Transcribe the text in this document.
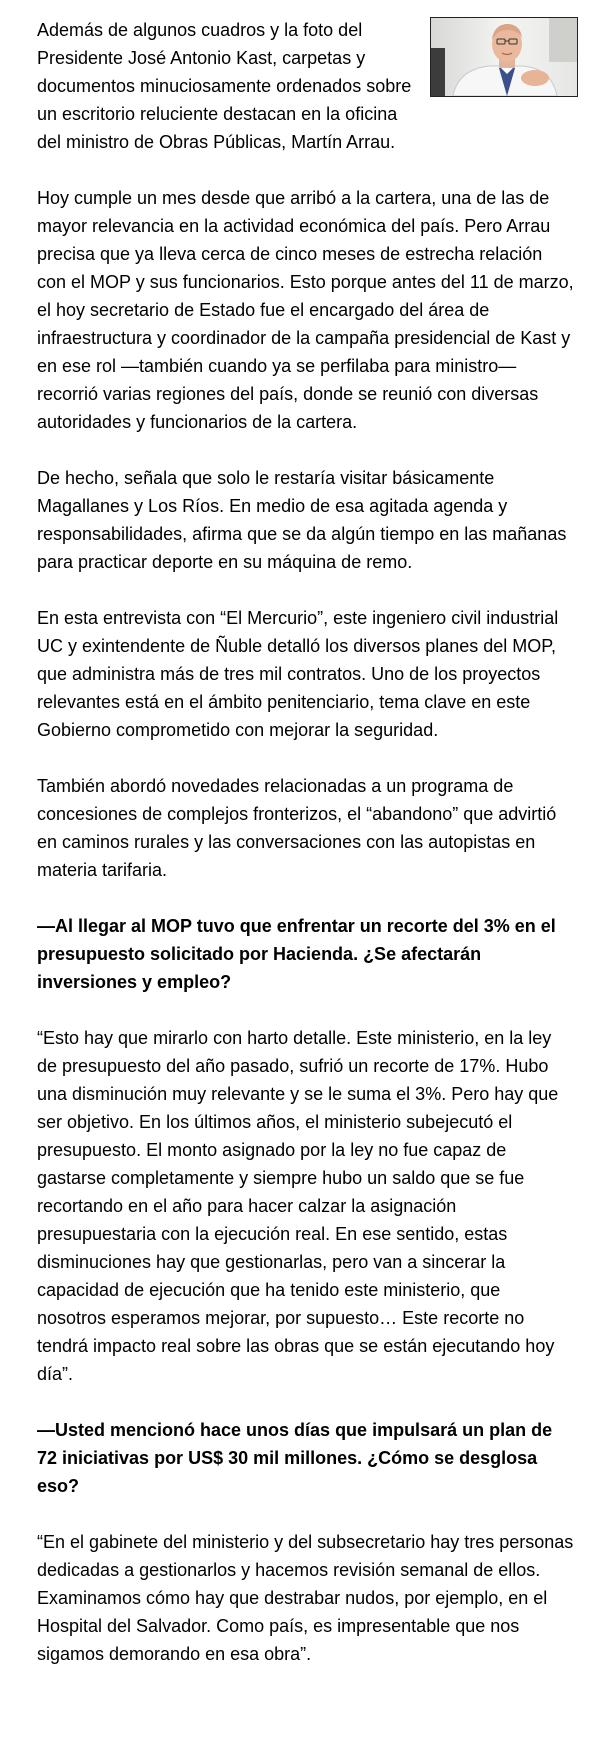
Además de algunos cuadros y la foto del Presidente José Antonio Kast, carpetas y documentos minuciosamente ordenados sobre un escritorio reluciente destacan en la oficina del ministro de Obras Públicas, Martín Arrau.

Hoy cumple un mes desde que arribó a la cartera, una de las de mayor relevancia en la actividad económica del país. Pero Arrau precisa que ya lleva cerca de cinco meses de estrecha relación con el MOP y sus funcionarios. Esto porque antes del 11 de marzo, el hoy secretario de Estado fue el encargado del área de infraestructura y coordinador de la campaña presidencial de Kast y en ese rol —también cuando ya se perfilaba para ministro— recorrió varias regiones del país, donde se reunió con diversas autoridades y funcionarios de la cartera.

De hecho, señala que solo le restaría visitar básicamente Magallanes y Los Ríos. En medio de esa agitada agenda y responsabilidades, afirma que se da algún tiempo en las mañanas para practicar deporte en su máquina de remo.

En esta entrevista con “El Mercurio”, este ingeniero civil industrial UC y exintendente de Ñuble detalló los diversos planes del MOP, que administra más de tres mil contratos. Uno de los proyectos relevantes está en el ámbito penitenciario, tema clave en este Gobierno comprometido con mejorar la seguridad.

También abordó novedades relacionadas a un programa de concesiones de complejos fronterizos, el “abandono” que advirtió en caminos rurales y las conversaciones con las autopistas en materia tarifaria.

—Al llegar al MOP tuvo que enfrentar un recorte del 3% en el presupuesto solicitado por Hacienda. ¿Se afectarán inversiones y empleo?

“Esto hay que mirarlo con harto detalle. Este ministerio, en la ley de presupuesto del año pasado, sufrió un recorte de 17%. Hubo una disminución muy relevante y se le suma el 3%. Pero hay que ser objetivo. En los últimos años, el ministerio subejecutó el presupuesto. El monto asignado por la ley no fue capaz de gastarse completamente y siempre hubo un saldo que se fue recortando en el año para hacer calzar la asignación presupuestaria con la ejecución real. En ese sentido, estas disminuciones hay que gestionarlas, pero van a sincerar la capacidad de ejecución que ha tenido este ministerio, que nosotros esperamos mejorar, por supuesto… Este recorte no tendrá impacto real sobre las obras que se están ejecutando hoy día”.

—Usted mencionó hace unos días que impulsará un plan de 72 iniciativas por US$ 30 mil millones. ¿Cómo se desglosa eso?

“En el gabinete del ministerio y del subsecretario hay tres personas dedicadas a gestionarlos y hacemos revisión semanal de ellos. Examinamos cómo hay que destrabar nudos, por ejemplo, en el Hospital del Salvador. Como país, es impresentable que nos sigamos demorando en esa obra”.
